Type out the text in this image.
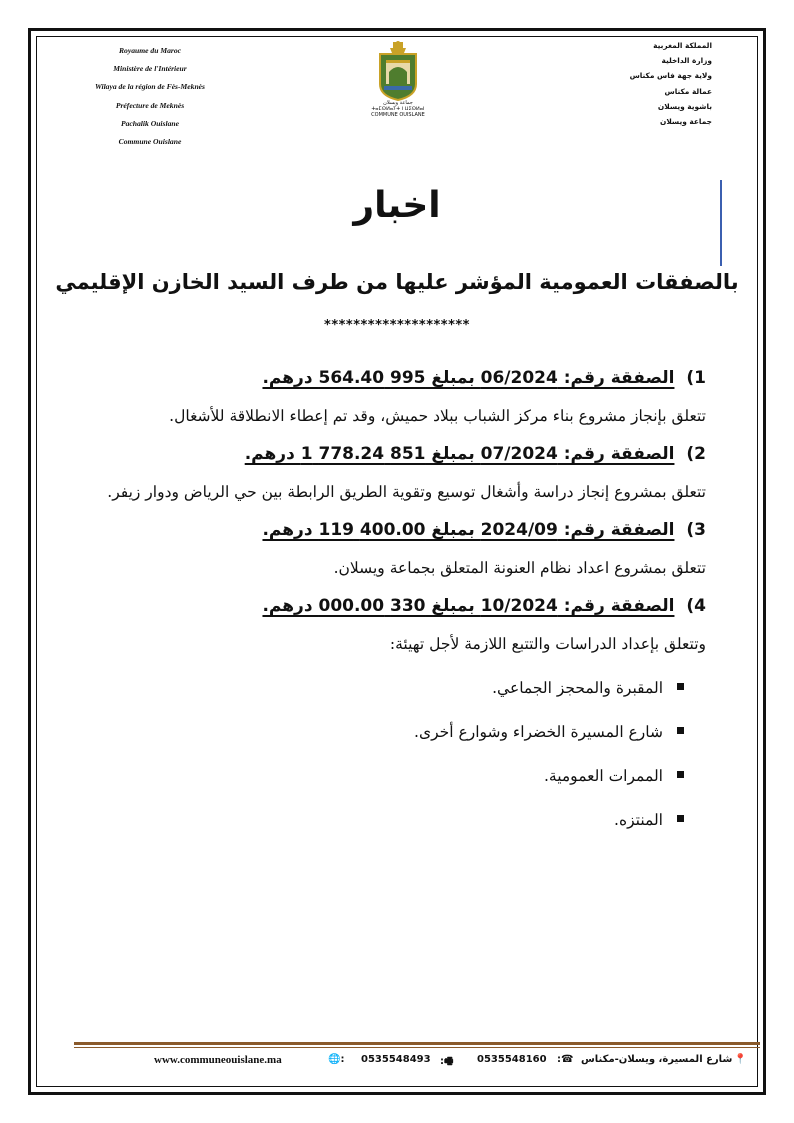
Royaume du Maroc
Ministère de l'Intérieur
Wilaya de la région de Fès-Meknès
Préfecture de Meknès
Pachalik Ouislane
Commune Ouislane
جماعة ويسلان
ⵜⴰⵎⵙⵍⴰⵢⵜ ⵏ ⵡⵉⵙⵍⴰⵏ
COMMUNE OUISLANE
المملكة المغربية
وزارة الداخلية
ولاية جهة فاس مكناس
عمالة مكناس
باشوية ويسلان
جماعة ويسلان
اخبار
بالصفقات العمومية المؤشر عليها من طرف السيد الخازن الإقليمي
********************
1) الصفقة رقم: 06/2024 بمبلغ 995 564.40 درهم.
تتعلق بإنجاز مشروع بناء مركز الشباب ببلاد حميش، وقد تم إعطاء الانطلاقة للأشغال.
2) الصفقة رقم: 07/2024 بمبلغ 851 778.24 1 درهم.
تتعلق بمشروع إنجاز دراسة وأشغال توسيع وتقوية الطريق الرابطة بين حي الرياض ودوار زيفر.
3) الصفقة رقم: 2024/09 بمبلغ 400.00 119 درهم.
تتعلق بمشروع اعداد نظام العنونة المتعلق بجماعة ويسلان.
4) الصفقة رقم: 10/2024 بمبلغ 330 000.00 درهم.
وتتعلق بإعداد الدراسات والتتبع اللازمة لأجل تهيئة:
المقبرة والمحجز الجماعي.
شارع المسيرة الخضراء وشوارع أخرى.
الممرات العمومية.
المنتزه.
www.communeouislane.ma	🌐: 0535548493 :🖷 0535548160 :☎ شارع المسيرة، ويسلان-مكناس 📍
